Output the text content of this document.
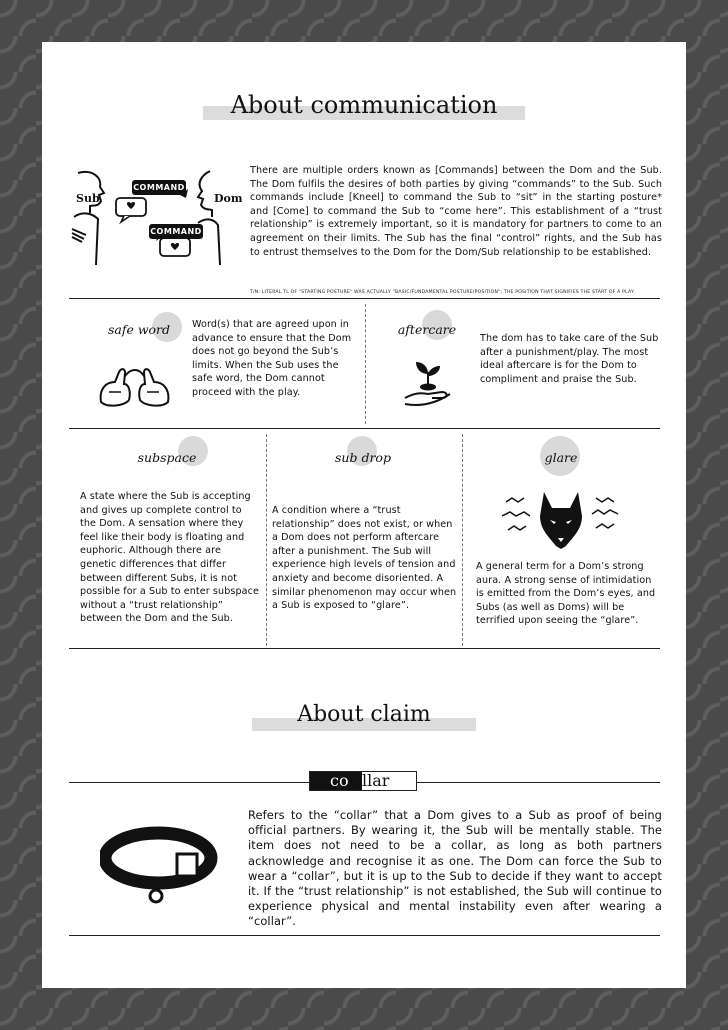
About communication
Sub	Dom
COMMAND
COMMAND
There are multiple orders known as [Commands] between the Dom and the Sub. The Dom fulfils the desires of both parties by giving “commands” to the Sub. Such commands include [Kneel] to command the Sub to “sit” in the starting posture* and [Come] to command the Sub to “come here”. This establishment of a “trust relationship” is extremely important, so it is mandatory for partners to come to an agreement on their limits. The Sub has the final “control” rights, and the Sub has to entrust themselves to the Dom for the Dom/Sub relationship to be established.
T/N: LITERAL TL OF "STARTING POSTURE" WAS ACTUALLY "BASIC/FUNDAMENTAL POSTURE/POSITION"; THE POSITION THAT SIGNIFIES THE START OF A PLAY
safe word	Word(s) that are agreed upon in advance to ensure that the Dom does not go beyond the Sub’s limits. When the Sub uses the safe word, the Dom cannot proceed with the play.
aftercare
The dom has to take care of the Sub after a punishment/play. The most ideal aftercare is for the Dom to compliment and praise the Sub.
subspace
A state where the Sub is accepting and gives up complete control to the Dom. A sensation where they feel like their body is floating and euphoric. Although there are genetic differences that differ between different Subs, it is not possible for a Sub to enter subspace without a “trust relationship” between the Dom and the Sub.
sub drop
A condition where a “trust relationship” does not exist, or when a Dom does not perform aftercare after a punishment. The Sub will experience high levels of tension and anxiety and become disoriented. A similar phenomenon may occur when a Sub is exposed to “glare”.
glare
A general term for a Dom’s strong aura. A strong sense of intimidation is emitted from the Dom’s eyes, and Subs (as well as Doms) will be terrified upon seeing the “glare”.
About claim
co llar
Refers to the “collar” that a Dom gives to a Sub as proof of being official partners. By wearing it, the Sub will be mentally stable. The item does not need to be a collar, as long as both partners acknowledge and recognise it as one. The Dom can force the Sub to wear a “collar”, but it is up to the Sub to decide if they want to accept it. If the “trust relationship” is not established, the Sub will continue to experience physical and mental instability even after wearing a “collar”.
